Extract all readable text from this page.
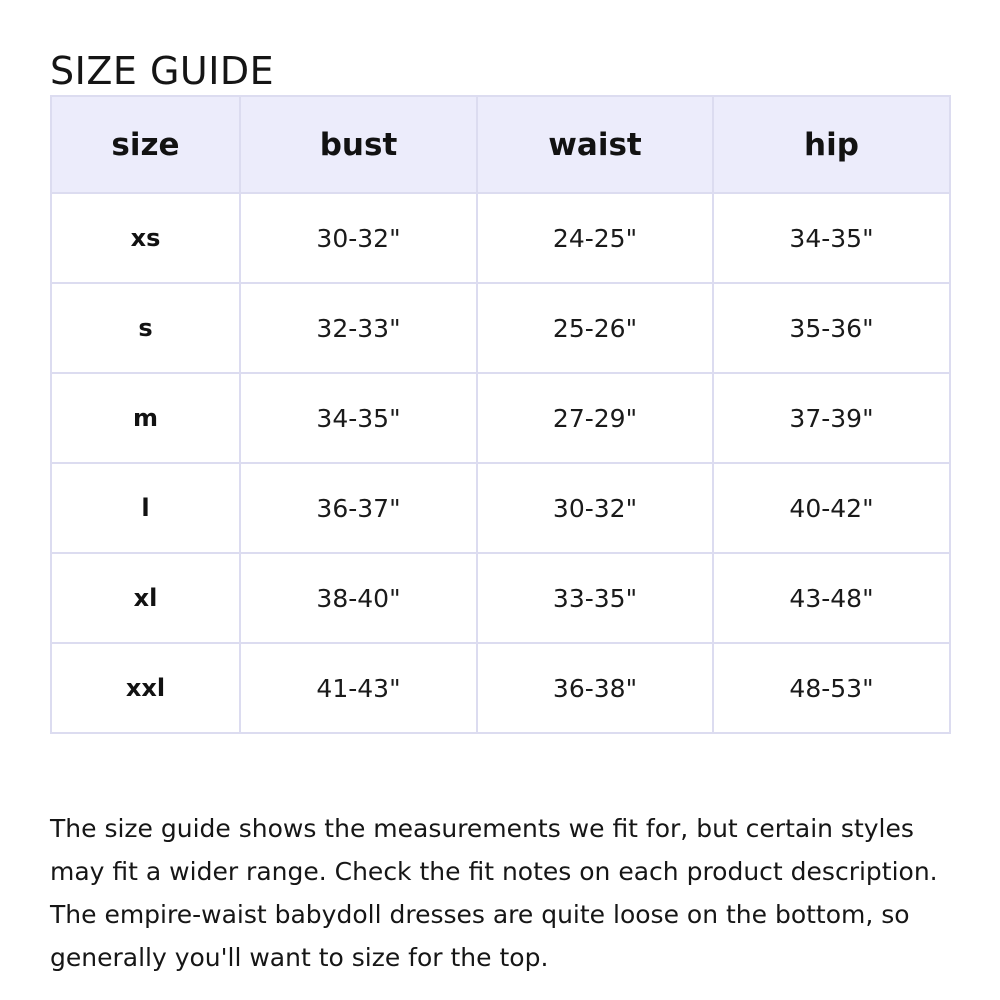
SIZE GUIDE
size	bust	waist	hip
xs	30-32"	24-25"	34-35"
s	32-33"	25-26"	35-36"
m	34-35"	27-29"	37-39"
l	36-37"	30-32"	40-42"
xl	38-40"	33-35"	43-48"
xxl	41-43"	36-38"	48-53"

The size guide shows the measurements we fit for, but certain styles may fit a wider range. Check the fit notes on each product description. The empire-waist babydoll dresses are quite loose on the bottom, so generally you'll want to size for the top.
